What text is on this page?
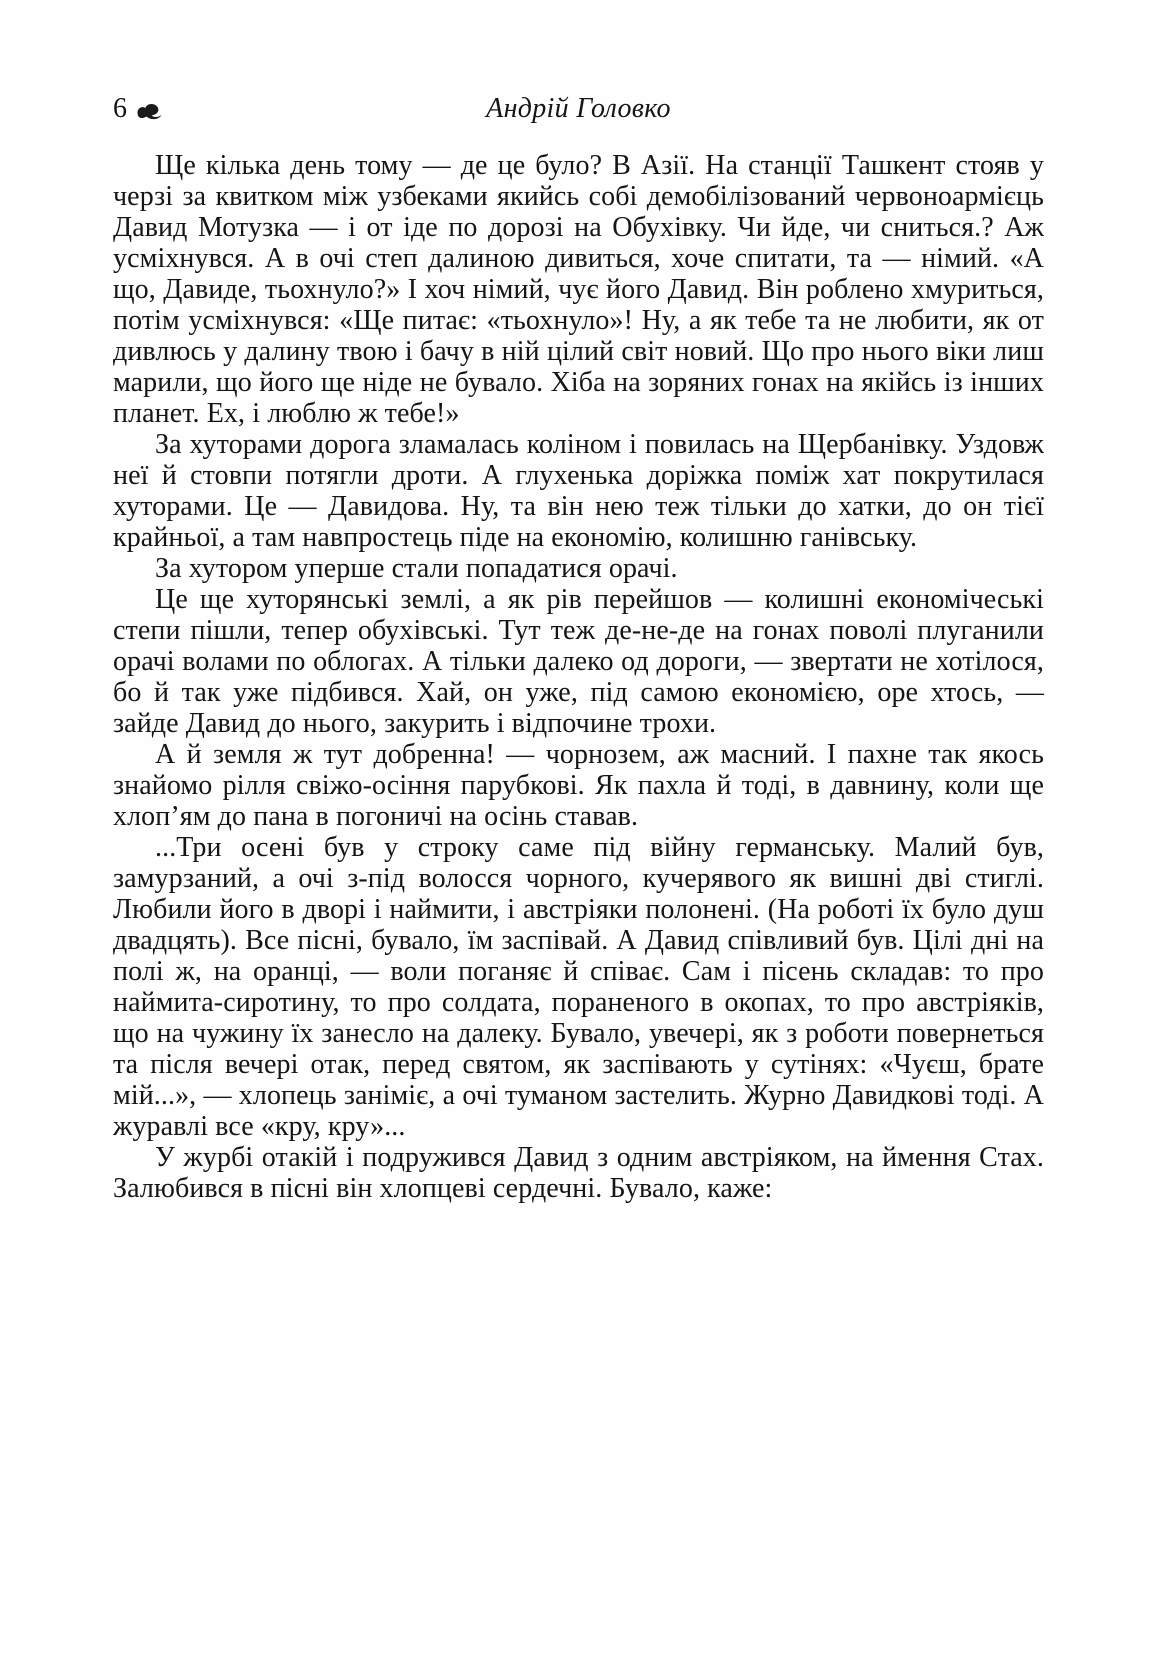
6	Андрій Головко

Ще кілька день тому — де це було? В Азії. На станції Ташкент стояв у черзі за квитком між узбеками якийсь собі демобілізований червоноармієць Давид Мотузка — і от іде по дорозі на Обухівку. Чи йде, чи сниться.? Аж усміхнувся. А в очі степ далиною дивиться, хоче спитати, та — німий. «А що, Давиде, тьохнуло?» І хоч німий, чує його Давид. Він роблено хмуриться, потім усміхнувся: «Ще питає: «тьохнуло»! Ну, а як тебе та не любити, як от дивлюсь у далину твою і бачу в ній цілий світ новий. Що про нього віки лиш марили, що його ще ніде не бувало. Хіба на зоряних гонах на якійсь із інших планет. Ех, і люблю ж тебе!»

За хуторами дорога зламалась коліном і повилась на Щербанівку. Уздовж неї й стовпи потягли дроти. А глухенька доріжка поміж хат покрутилася хуторами. Це — Давидова. Ну, та він нею теж тільки до хатки, до он тієї крайньої, а там навпростець піде на економію, колишню ганівську.

За хутором уперше стали попадатися орачі.

Це ще хуторянські землі, а як рів перейшов — колишні економічеські степи пішли, тепер обухівські. Тут теж де-не-де на гонах поволі плуганили орачі волами по облогах. А тільки далеко од дороги, — звертати не хотілося, бо й так уже підбився. Хай, он уже, під самою економією, оре хтось, — зайде Давид до нього, закурить і відпочине трохи.

А й земля ж тут добренна! — чорнозем, аж масний. І пахне так якось знайомо рілля свіжо-осіння парубкові. Як пахла й тоді, в давнину, коли ще хлоп’ям до пана в погоничі на осінь ставав.

...Три осені був у строку саме під війну германську. Малий був, замурзаний, а очі з-під волосся чорного, кучерявого як вишні дві стиглі. Любили його в дворі і наймити, і австріяки полонені. (На роботі їх було душ двадцять). Все пісні, бувало, їм заспівай. А Давид співливий був. Цілі дні на полі ж, на оранці, — воли поганяє й співає. Сам і пісень складав: то про наймита-сиротину, то про солдата, пораненого в окопах, то про австріяків, що на чужину їх занесло на далеку. Бувало, увечері, як з роботи повернеться та після вечері отак, перед святом, як заспівають у сутінях: «Чуєш, брате мій...», — хлопець заніміє, а очі туманом застелить. Журно Давидкові тоді. А журавлі все «кру, кру»...

У журбі отакій і подружився Давид з одним австріяком, на ймення Стах. Залюбився в пісні він хлопцеві сердечні. Бувало, каже:
